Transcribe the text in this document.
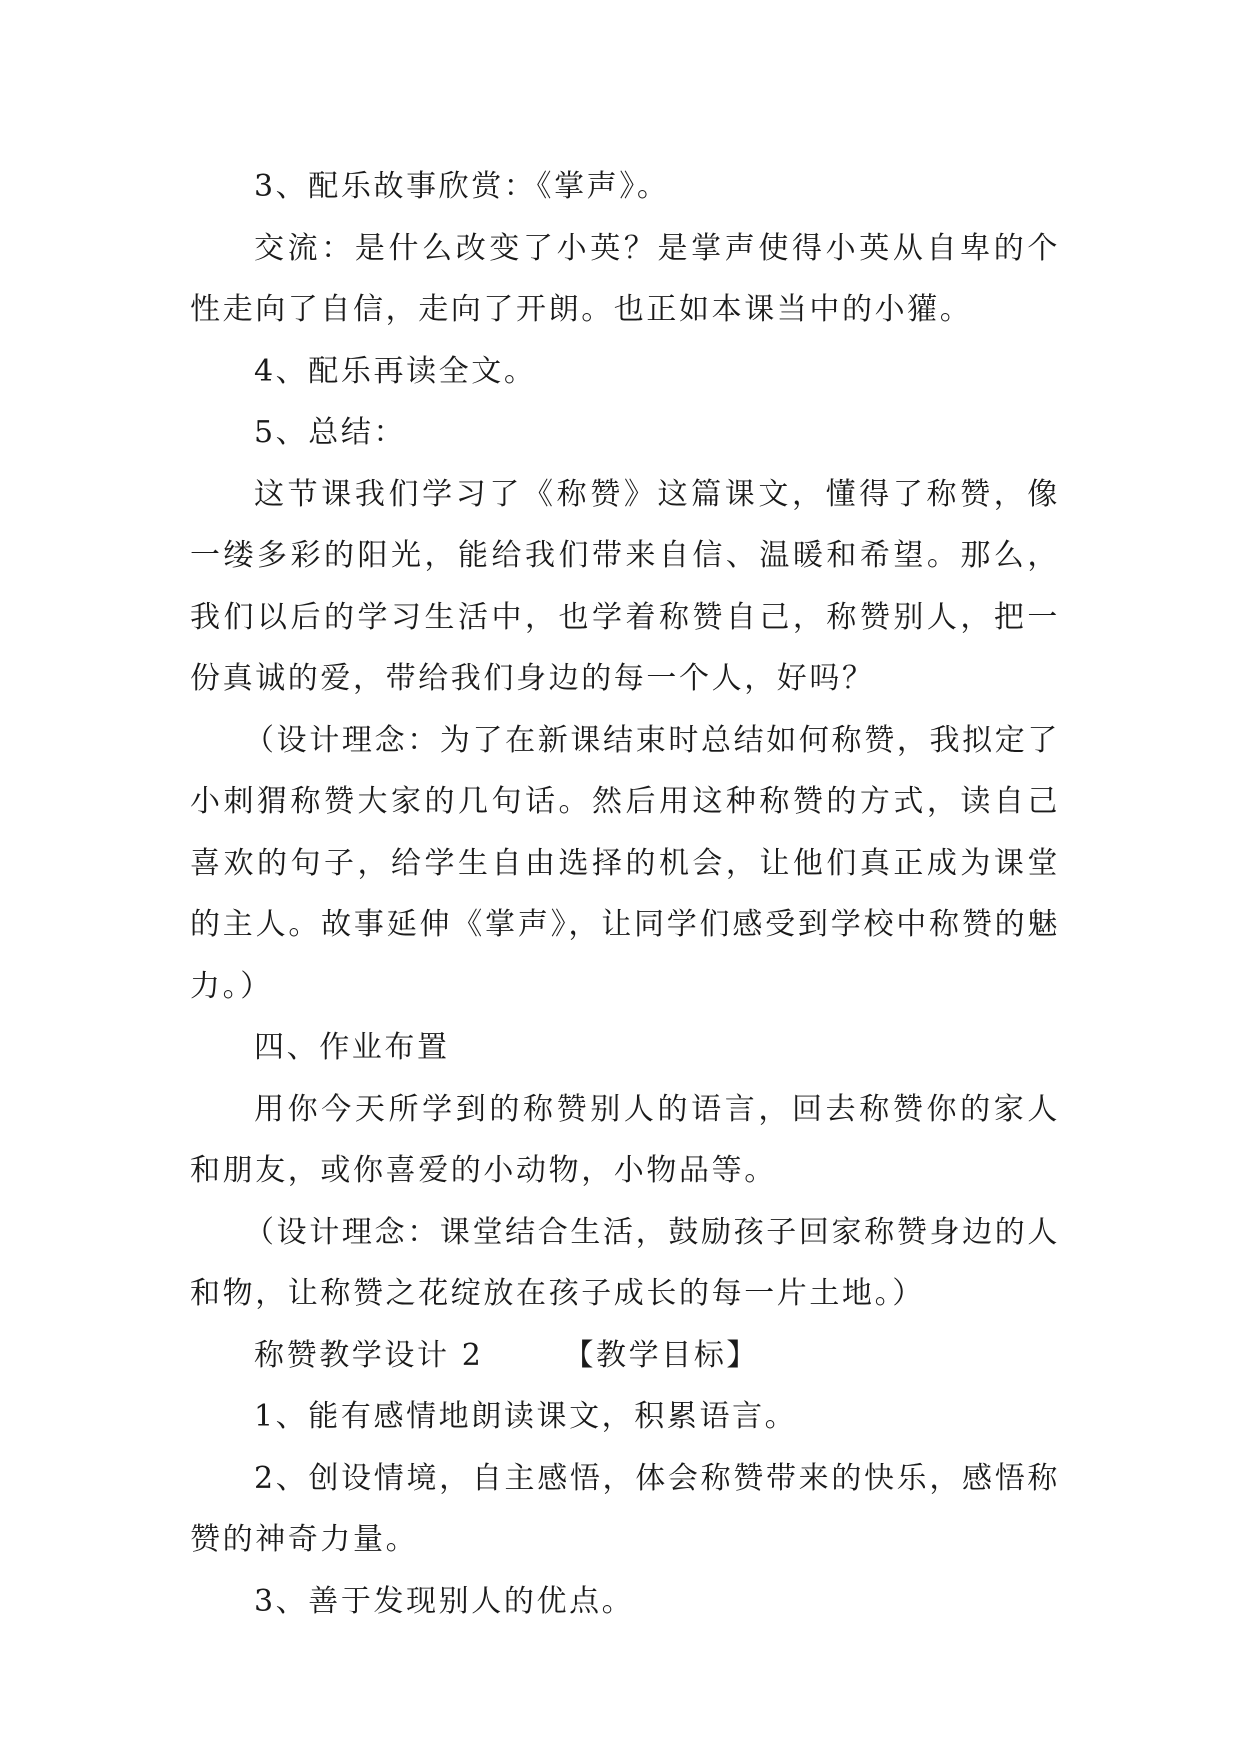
3、配乐故事欣赏：《掌声》。

交流：是什么改变了小英？是掌声使得小英从自卑的个性走向了自信，走向了开朗。也正如本课当中的小獾。

4、配乐再读全文。

5、总结：

这节课我们学习了《称赞》这篇课文，懂得了称赞，像一缕多彩的阳光，能给我们带来自信、温暖和希望。那么，我们以后的学习生活中，也学着称赞自己，称赞别人，把一份真诚的爱，带给我们身边的每一个人，好吗？

（设计理念：为了在新课结束时总结如何称赞，我拟定了小刺猬称赞大家的几句话。然后用这种称赞的方式，读自己喜欢的句子，给学生自由选择的机会，让他们真正成为课堂的主人。故事延伸《掌声》，让同学们感受到学校中称赞的魅力。）

四、作业布置

用你今天所学到的称赞别人的语言，回去称赞你的家人和朋友，或你喜爱的小动物，小物品等。

（设计理念：课堂结合生活，鼓励孩子回家称赞身边的人和物，让称赞之花绽放在孩子成长的每一片土地。）

称赞教学设计 2	【教学目标】

1、能有感情地朗读课文，积累语言。

2、创设情境，自主感悟，体会称赞带来的快乐，感悟称赞的神奇力量。

3、善于发现别人的优点。
